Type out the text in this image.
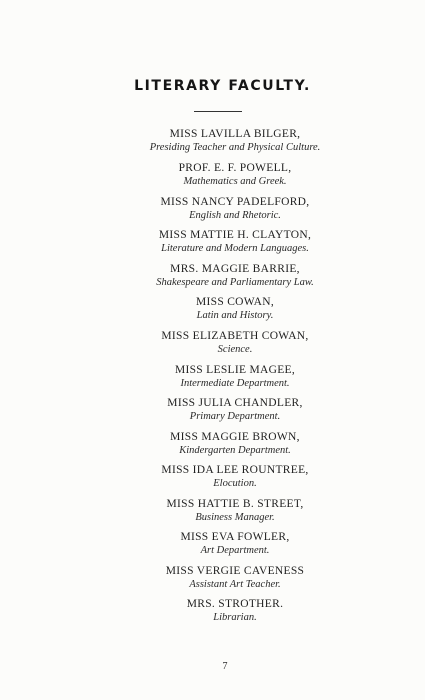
LITERARY FACULTY.
MISS LAVILLA BILGER,
Presiding Teacher and Physical Culture.
PROF. E. F. POWELL,
Mathematics and Greek.
MISS NANCY PADELFORD,
English and Rhetoric.
MISS MATTIE H. CLAYTON,
Literature and Modern Languages.
MRS. MAGGIE BARRIE,
Shakespeare and Parliamentary Law.
MISS COWAN,
Latin and History.
MISS ELIZABETH COWAN,
Science.
MISS LESLIE MAGEE,
Intermediate Department.
MISS JULIA CHANDLER,
Primary Department.
MISS MAGGIE BROWN,
Kindergarten Department.
MISS IDA LEE ROUNTREE,
Elocution.
MISS HATTIE B. STREET,
Business Manager.
MISS EVA FOWLER,
Art Department.
MISS VERGIE CAVENESS
Assistant Art Teacher.
MRS. STROTHER.
Librarian.
7
